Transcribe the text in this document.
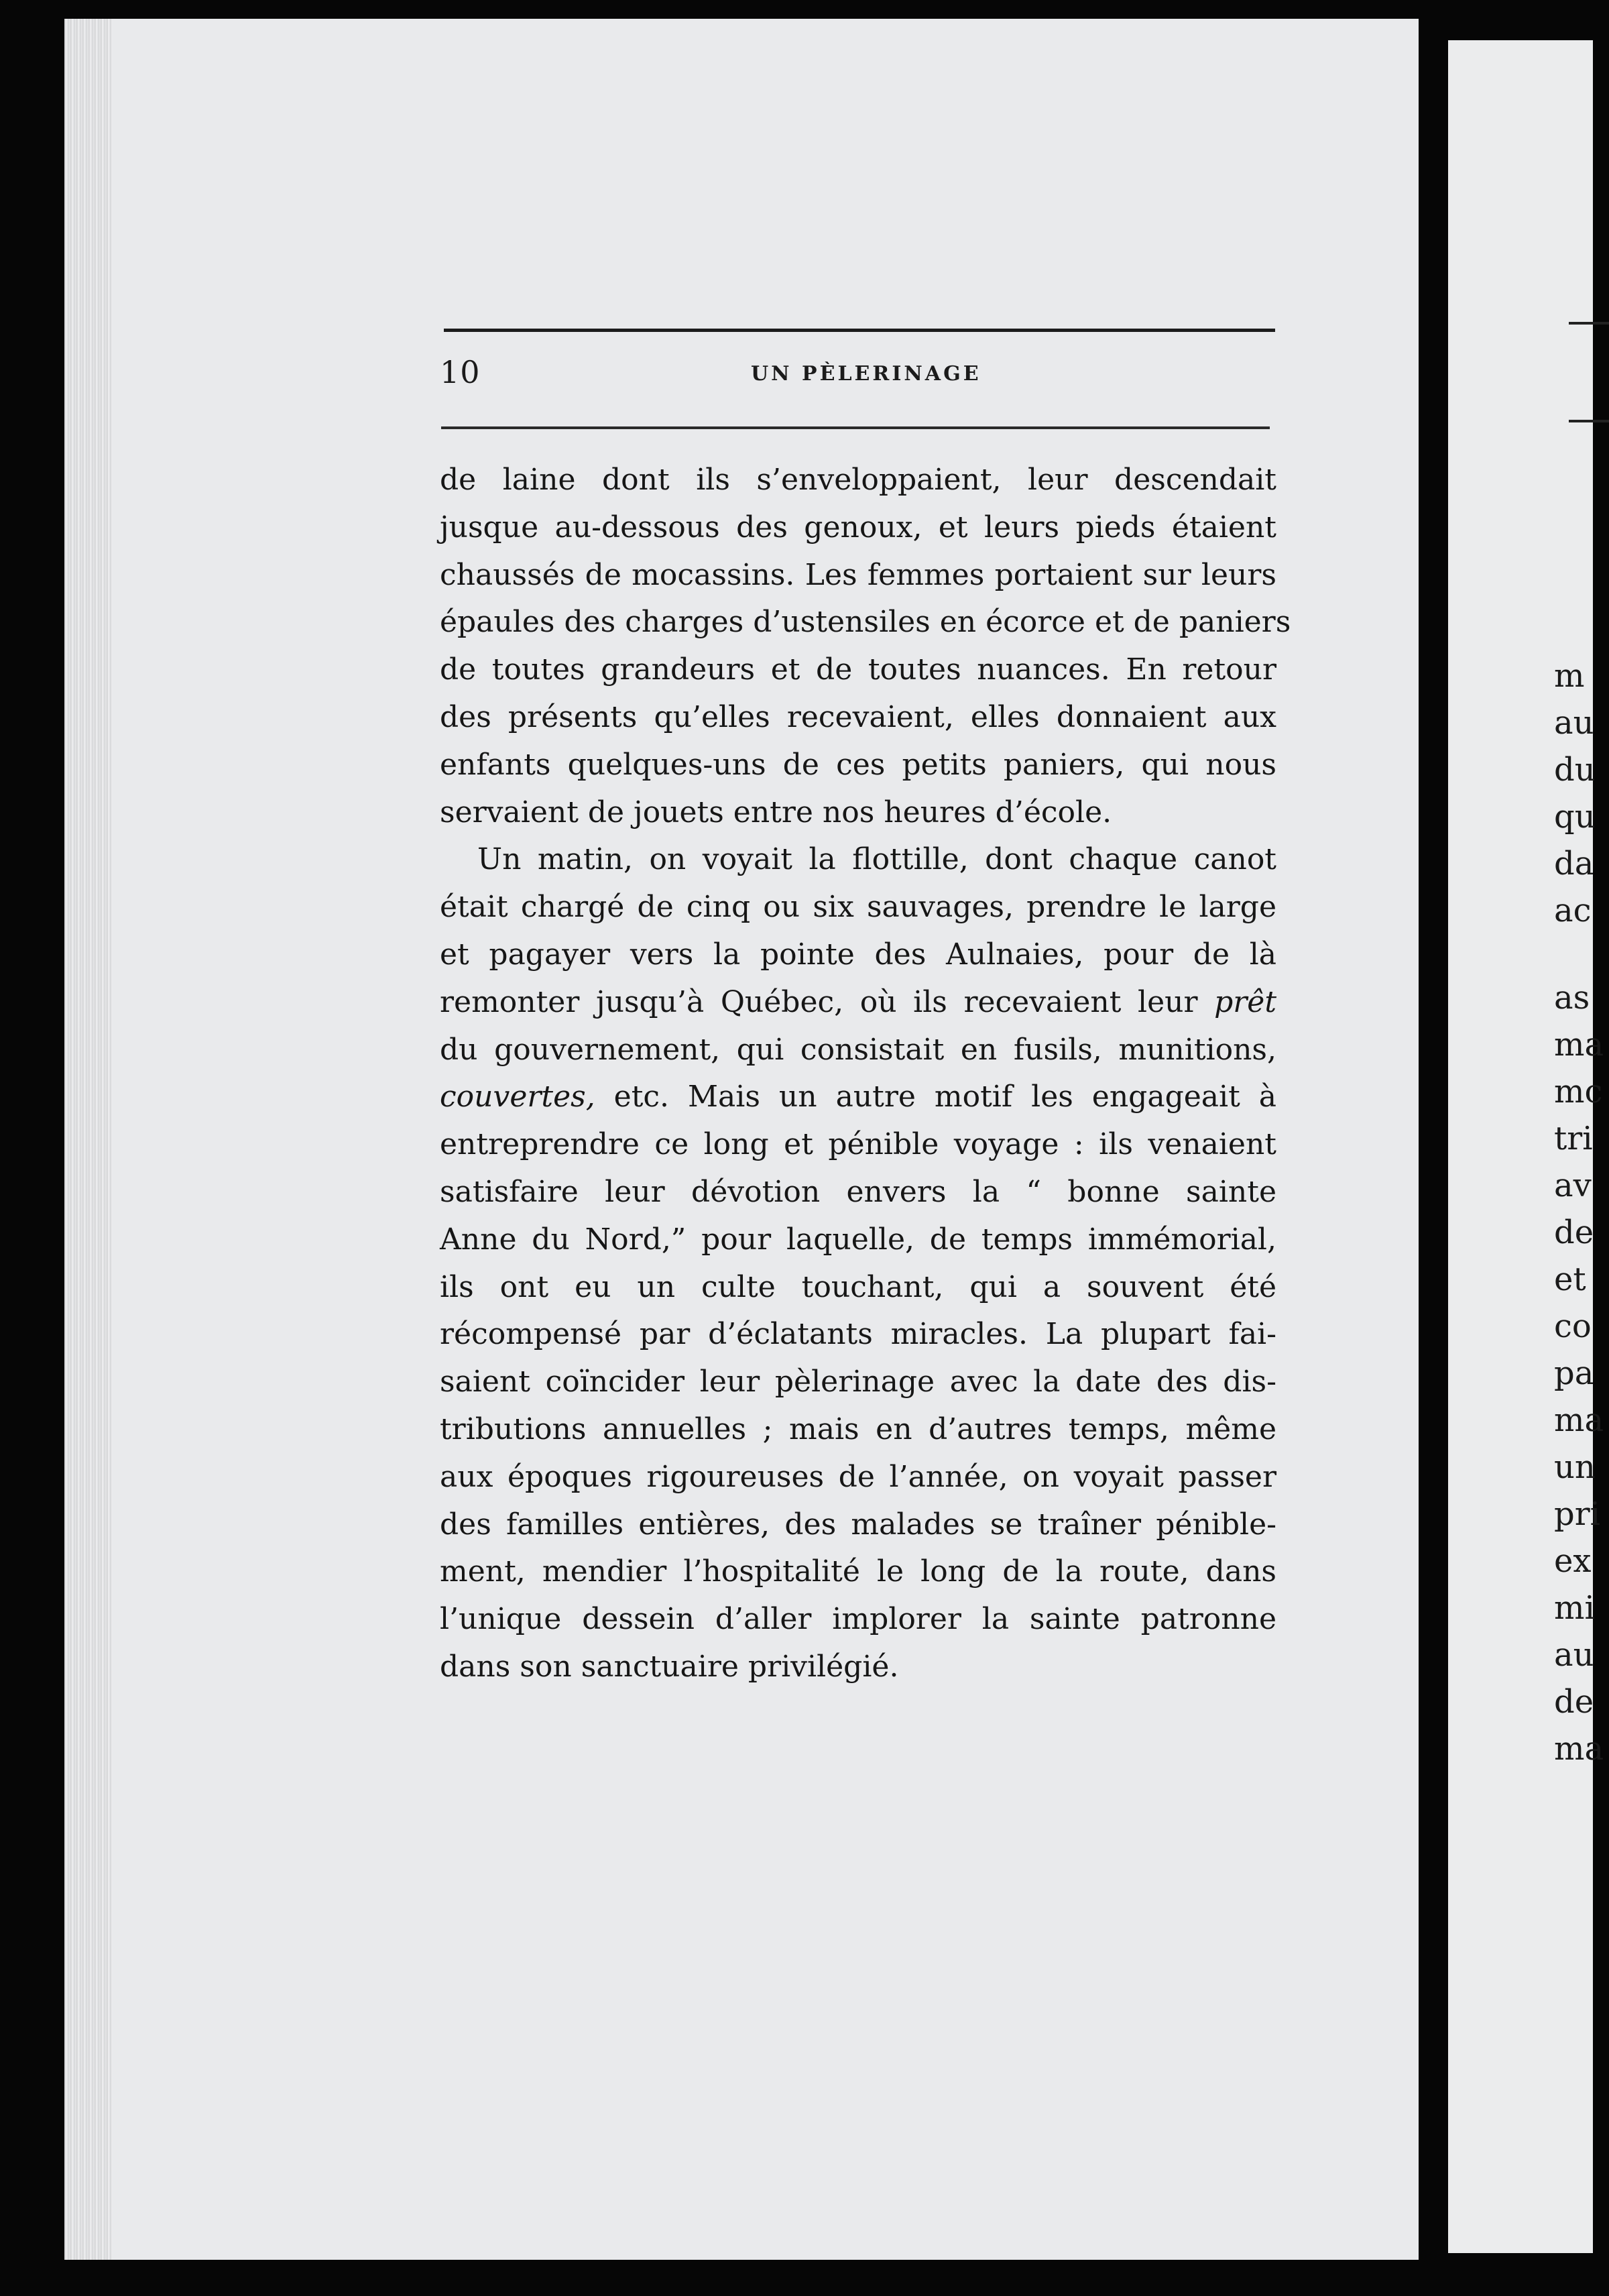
m
au
du
qu
da
ac
as
ma
mc
tri
av
de
et
co
pa
ma
un
pri
ex
mi
au
de
ma
10	UN PÈLERINAGE
de laine dont ils s’enveloppaient, leur descendait
jusque au-dessous des genoux, et leurs pieds étaient
chaussés de mocassins. Les femmes portaient sur leurs
épaules des charges d’ustensiles en écorce et de paniers
de toutes grandeurs et de toutes nuances. En retour
des présents qu’elles recevaient, elles donnaient aux
enfants quelques-uns de ces petits paniers, qui nous
servaient de jouets entre nos heures d’école.
Un matin, on voyait la flottille, dont chaque canot
était chargé de cinq ou six sauvages, prendre le large
et pagayer vers la pointe des Aulnaies, pour de là
remonter jusqu’à Québec, où ils recevaient leur prêt
du gouvernement, qui consistait en fusils, munitions,
couvertes, etc. Mais un autre motif les engageait à
entreprendre ce long et pénible voyage : ils venaient
satisfaire leur dévotion envers la “ bonne sainte
Anne du Nord,” pour laquelle, de temps immémorial,
ils ont eu un culte touchant, qui a souvent été
récompensé par d’éclatants miracles. La plupart fai-
saient coïncider leur pèlerinage avec la date des dis-
tributions annuelles ; mais en d’autres temps, même
aux époques rigoureuses de l’année, on voyait passer
des familles entières, des malades se traîner pénible-
ment, mendier l’hospitalité le long de la route, dans
l’unique dessein d’aller implorer la sainte patronne
dans son sanctuaire privilégié.
